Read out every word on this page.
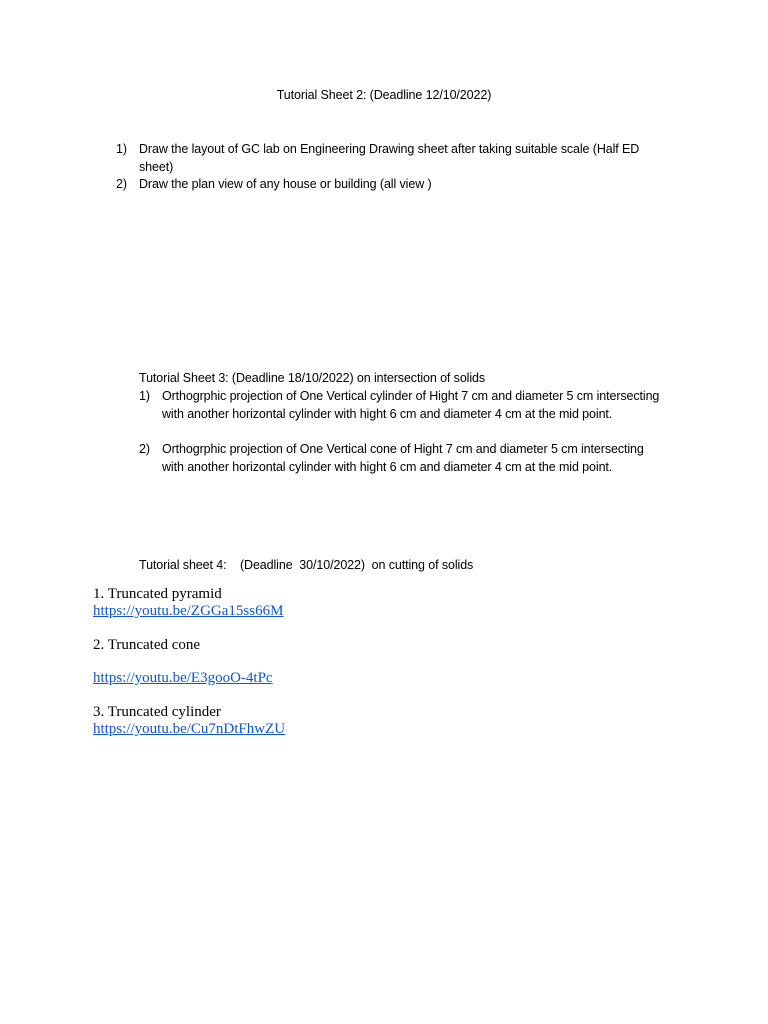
Tutorial Sheet 2: (Deadline 12/10/2022)
1) Draw the layout of GC lab on Engineering Drawing sheet after taking suitable scale (Half ED sheet)
2) Draw the plan view of any house or building (all view )
Tutorial Sheet 3: (Deadline 18/10/2022) on intersection of solids
1) Orthogrphic projection of One Vertical cylinder of Hight 7 cm and diameter 5 cm intersecting with another horizontal cylinder with hight 6 cm and diameter 4 cm at the mid point.
2) Orthogrphic projection of One Vertical cone of Hight 7 cm and diameter 5 cm intersecting with another horizontal cylinder with hight 6 cm and diameter 4 cm at the mid point.
Tutorial sheet 4:    (Deadline  30/10/2022)  on cutting of solids
1. Truncated pyramid
https://youtu.be/ZGGa15ss66M
2. Truncated cone
https://youtu.be/E3gooO-4tPc
3. Truncated cylinder
https://youtu.be/Cu7nDtFhwZU
